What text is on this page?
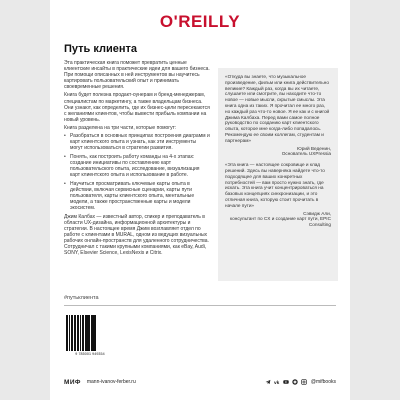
O'REILLY
Путь клиента

Эта практическая книга поможет превратить ценные клиентские инсайты в практические идеи для вашего бизнеса. При помощи описанных в ней инструментов вы научитесь картировать пользовательский опыт и принимать своевременные решения.

Книга будет полезна продакт-оунерам и бренд-менеджерам, специалистам по маркетингу, а также владельцам бизнеса. Они узнают, как определить, где их бизнес-цели пересекаются с желаниями клиентов, чтобы вывести прибыль компании на новый уровень.

Книга разделена на три части, которые помогут:

• Разобраться в основных принципах построения диаграмм и карт клиентского опыта и узнать, как эти инструменты могут использоваться в стратегии развития.
• Понять, как построить работу команды на 4-х этапах: создание инициативы по составлению карт пользовательского опыта, исследование, визуализация карт клиентского опыта и использование в работе.
• Научиться просматривать ключевые карты опыта в действии, включая сервисные сценарии, карты пути пользователя, карты клиентского опыта, ментальные модели, а также пространственные карты и модели экосистем.

Джим Калбах — известный автор, спикер и преподаватель в области UX-дизайна, информационной архитектуры и стратегии. В настоящее время Джим возглавляет отдел по работе с клиентами в MURAL, одном из ведущих визуальных рабочих онлайн-пространств для удаленного сотрудничества. Сотрудничал с такими крупными компаниями, как eBay, Audi, SONY, Elsevier Science, LexisNexis и Citrix.

«Откуда вы знаете, что музыкальное произведение, фильм или книга действительно великие? Каждый раз, когда вы их читаете, слушаете или смотрите, вы находите что-то новое — новые мысли, скрытые смыслы. Эта книга одна из таких. Я прочитал ее много раз, но каждый раз что-то новое. Я ее как и с книгой Джима Калбаха. Перед вами самое полное руководство по созданию карт клиентского опыта, которое мне когда-либо попадалось. Рекомендую ее своим коллегам, студентам и партнерам»
Юрий Веденин,
Основатель UXPressia
«Эта книга — настоящее сокровище и клад решений. Здесь вы наверняка найдете что-то подходящее для ваших конкретных потребностей — вам просто нужно знать, где искать. Эта книга учит концентрироваться на базовых концепциях синхронизации, и это отличная книга, которую стоит прочитать в начале пути»
Сэвидж Али,
консультант по CX и создание карт пути, EPIC Consulting
#путьклиента
9 785001 949354
МИФ mann-ivanov-ferber.ru	vk	@mifbooks
